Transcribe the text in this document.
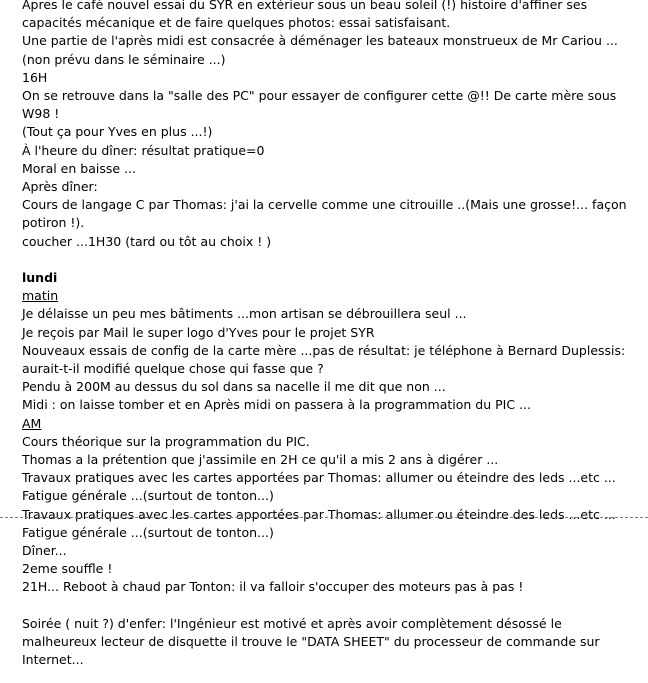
Apres le café nouvel essai du SYR en extérieur sous un beau soleil (!) histoire d'affiner ses capacités mécanique et de faire quelques photos: essai satisfaisant.

Une partie de l'après midi est consacrée à déménager les bateaux monstrueux de Mr Cariou ...(non prévu dans le séminaire ...)

16H

On se retrouve dans la "salle des PC" pour essayer de configurer cette @!! De carte mère sous W98 !

(Tout ça pour Yves en plus ...!)

À l'heure du dîner: résultat pratique=0

Moral en baisse ...

Après dîner:

Cours de langage C par Thomas: j'ai la cervelle comme une citrouille ..(Mais une grosse!... façon potiron !).

coucher ...1H30 (tard ou tôt au choix ! )

lundi

matin

Je délaisse un peu mes bâtiments ...mon artisan se débrouillera seul ...

Je reçois par Mail le super logo d'Yves pour le projet SYR

Nouveaux essais de config de la carte mère ...pas de résultat: je téléphone à Bernard Duplessis: aurait-t-il modifié quelque chose qui fasse que ?

Pendu à 200M au dessus du sol dans sa nacelle il me dit que non ...

Midi : on laisse tomber et en Après midi on passera à la programmation du PIC ...

AM

Cours théorique sur la programmation du PIC.

Thomas a la prétention que j'assimile en 2H ce qu'il a mis 2 ans à digérer ...

Travaux pratiques avec les cartes apportées par Thomas: allumer ou éteindre des leds ...etc ...

Fatigue générale ...(surtout de tonton...)

Travaux pratiques avec les cartes apportées par Thomas: allumer ou éteindre des leds ...etc ...

Fatigue générale ...(surtout de tonton...)

Dîner...

2eme souffle !

21H... Reboot à chaud par Tonton: il va falloir s'occuper des moteurs pas à pas !

Soirée ( nuit ?) d'enfer: l'Ingénieur est motivé et après avoir complètement désossé le malheureux lecteur de disquette il trouve le "DATA SHEET" du processeur de commande sur Internet...
